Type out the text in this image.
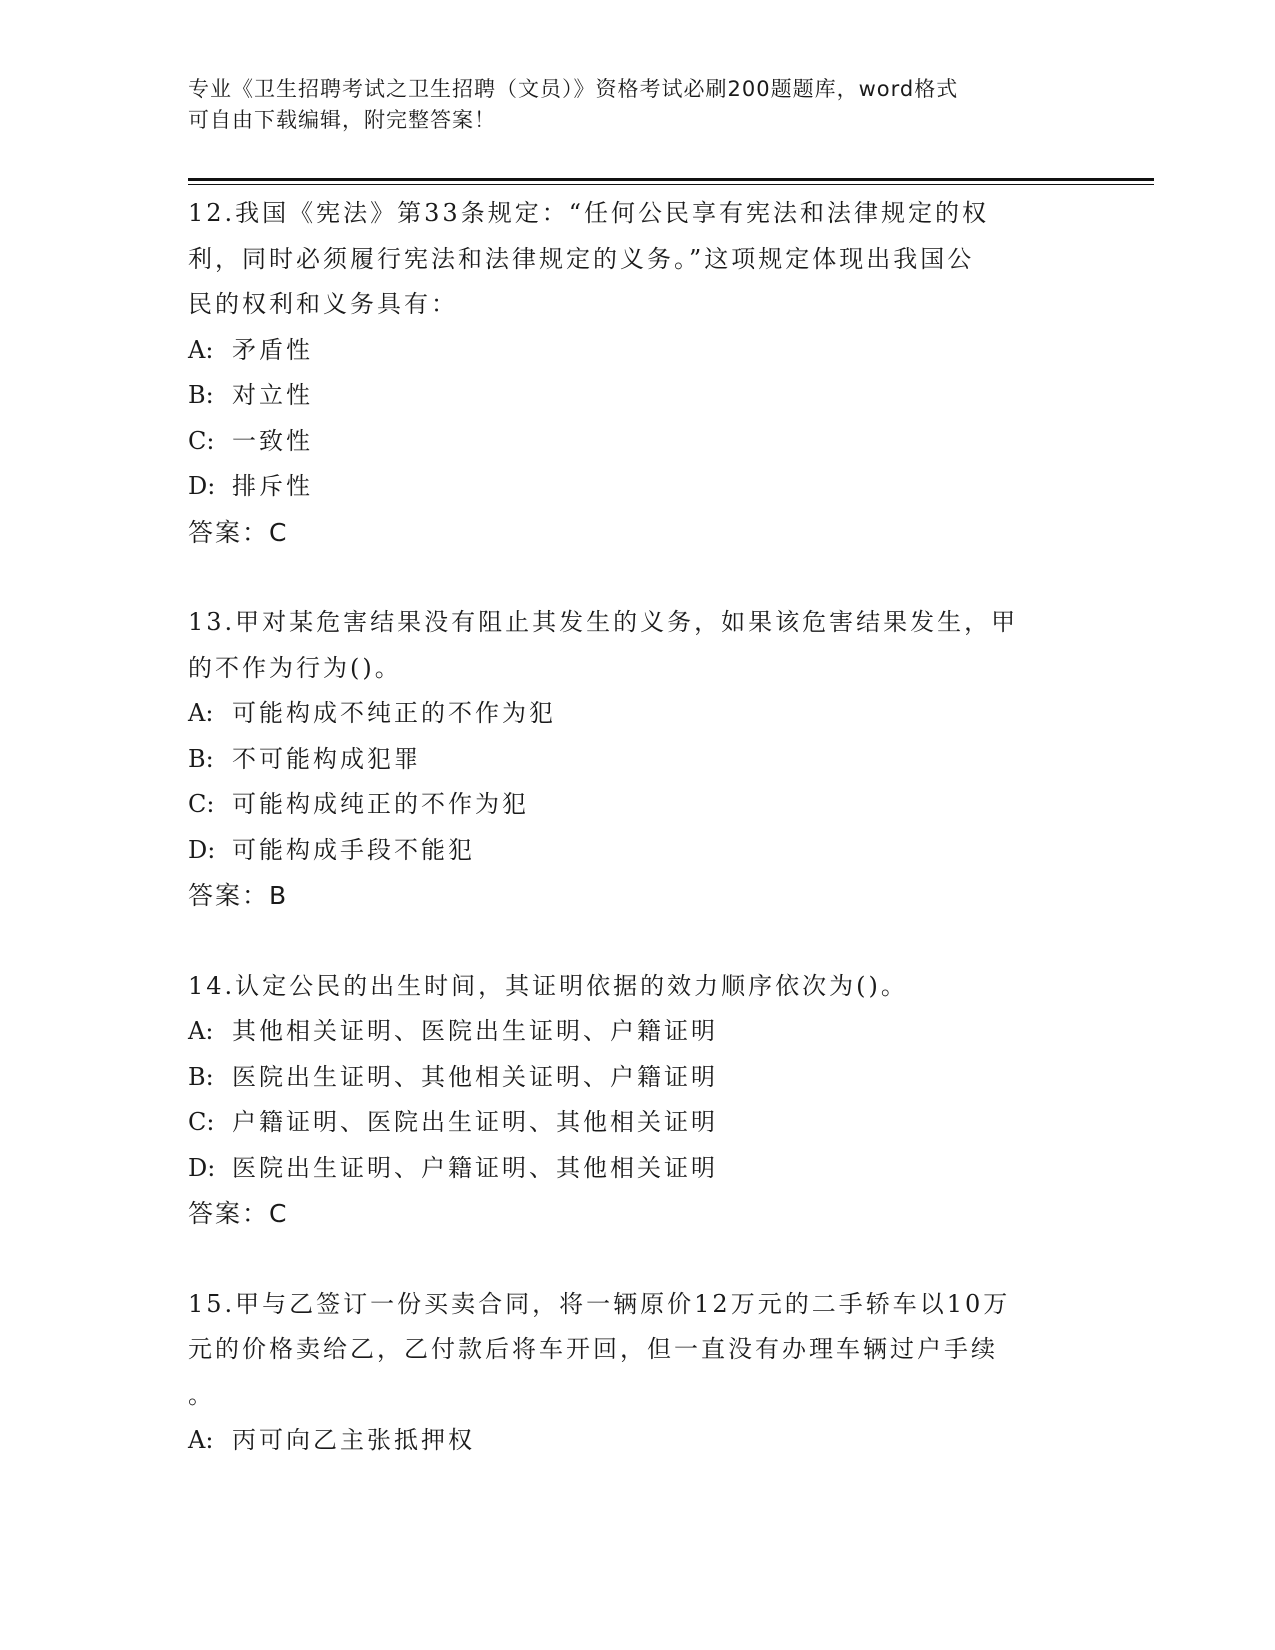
专业《卫生招聘考试之卫生招聘（文员）》资格考试必刷200题题库，word格式
可自由下载编辑，附完整答案！
12.我国《宪法》第33条规定：“任何公民享有宪法和法律规定的权
利，同时必须履行宪法和法律规定的义务。”这项规定体现出我国公
民的权利和义务具有：
A: 矛盾性
B: 对立性
C: 一致性
D: 排斥性
答案：C
13.甲对某危害结果没有阻止其发生的义务，如果该危害结果发生，甲
的不作为行为()。
A: 可能构成不纯正的不作为犯
B: 不可能构成犯罪
C: 可能构成纯正的不作为犯
D: 可能构成手段不能犯
答案：B
14.认定公民的出生时间，其证明依据的效力顺序依次为()。
A: 其他相关证明、医院出生证明、户籍证明
B: 医院出生证明、其他相关证明、户籍证明
C: 户籍证明、医院出生证明、其他相关证明
D: 医院出生证明、户籍证明、其他相关证明
答案：C
15.甲与乙签订一份买卖合同，将一辆原价12万元的二手轿车以10万
元的价格卖给乙，乙付款后将车开回，但一直没有办理车辆过户手续
。
A: 丙可向乙主张抵押权
